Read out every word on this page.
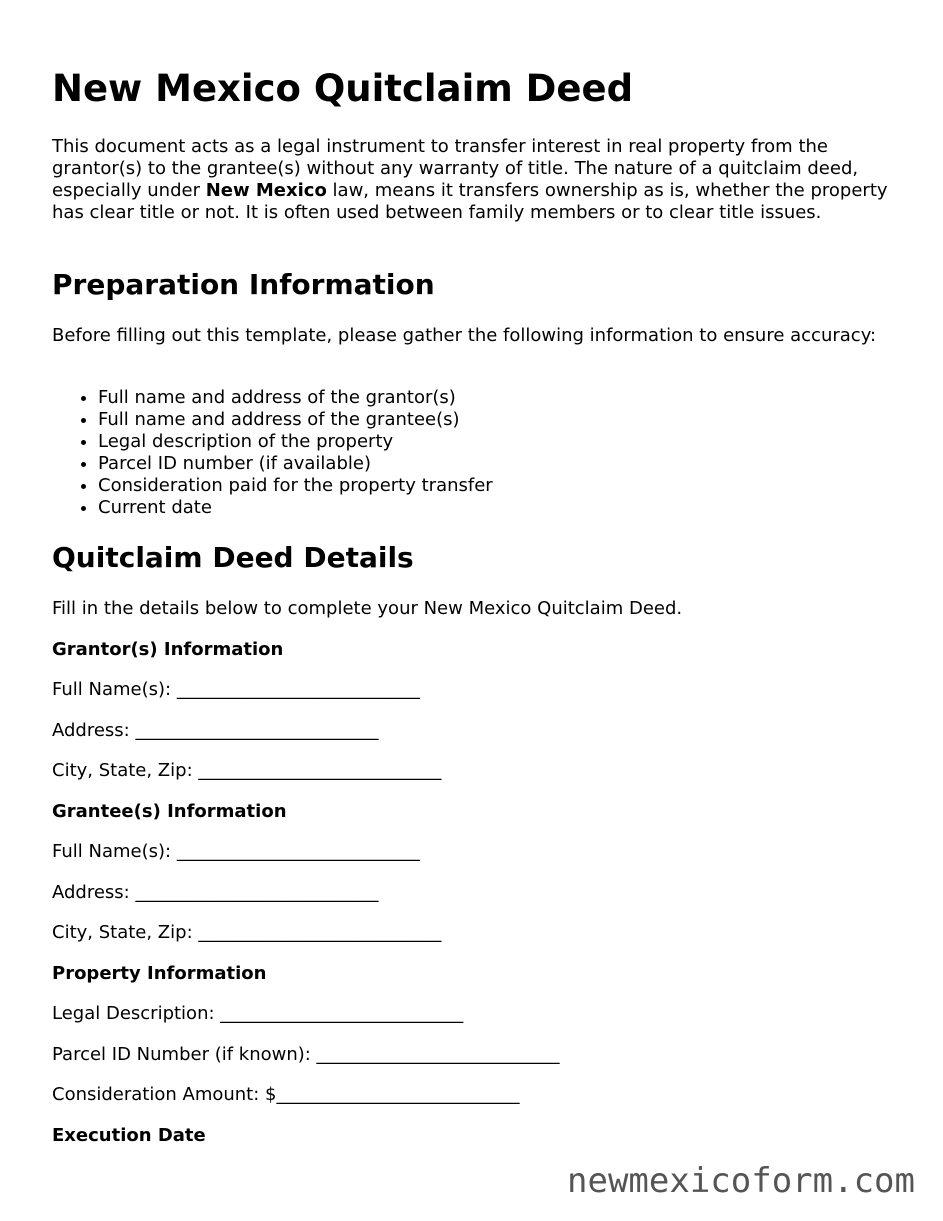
New Mexico Quitclaim Deed

This document acts as a legal instrument to transfer interest in real property from the grantor(s) to the grantee(s) without any warranty of title. The nature of a quitclaim deed, especially under New Mexico law, means it transfers ownership as is, whether the property has clear title or not. It is often used between family members or to clear title issues.

Preparation Information

Before filling out this template, please gather the following information to ensure accuracy:

• Full name and address of the grantor(s)
• Full name and address of the grantee(s)
• Legal description of the property
• Parcel ID number (if available)
• Consideration paid for the property transfer
• Current date
Quitclaim Deed Details

Fill in the details below to complete your New Mexico Quitclaim Deed.

Grantor(s) Information

Full Name(s): ___________________________

Address: ___________________________

City, State, Zip: ___________________________

Grantee(s) Information

Full Name(s): ___________________________

Address: ___________________________

City, State, Zip: ___________________________

Property Information

Legal Description: ___________________________

Parcel ID Number (if known): ___________________________

Consideration Amount: $___________________________

Execution Date
newmexicoform.com
